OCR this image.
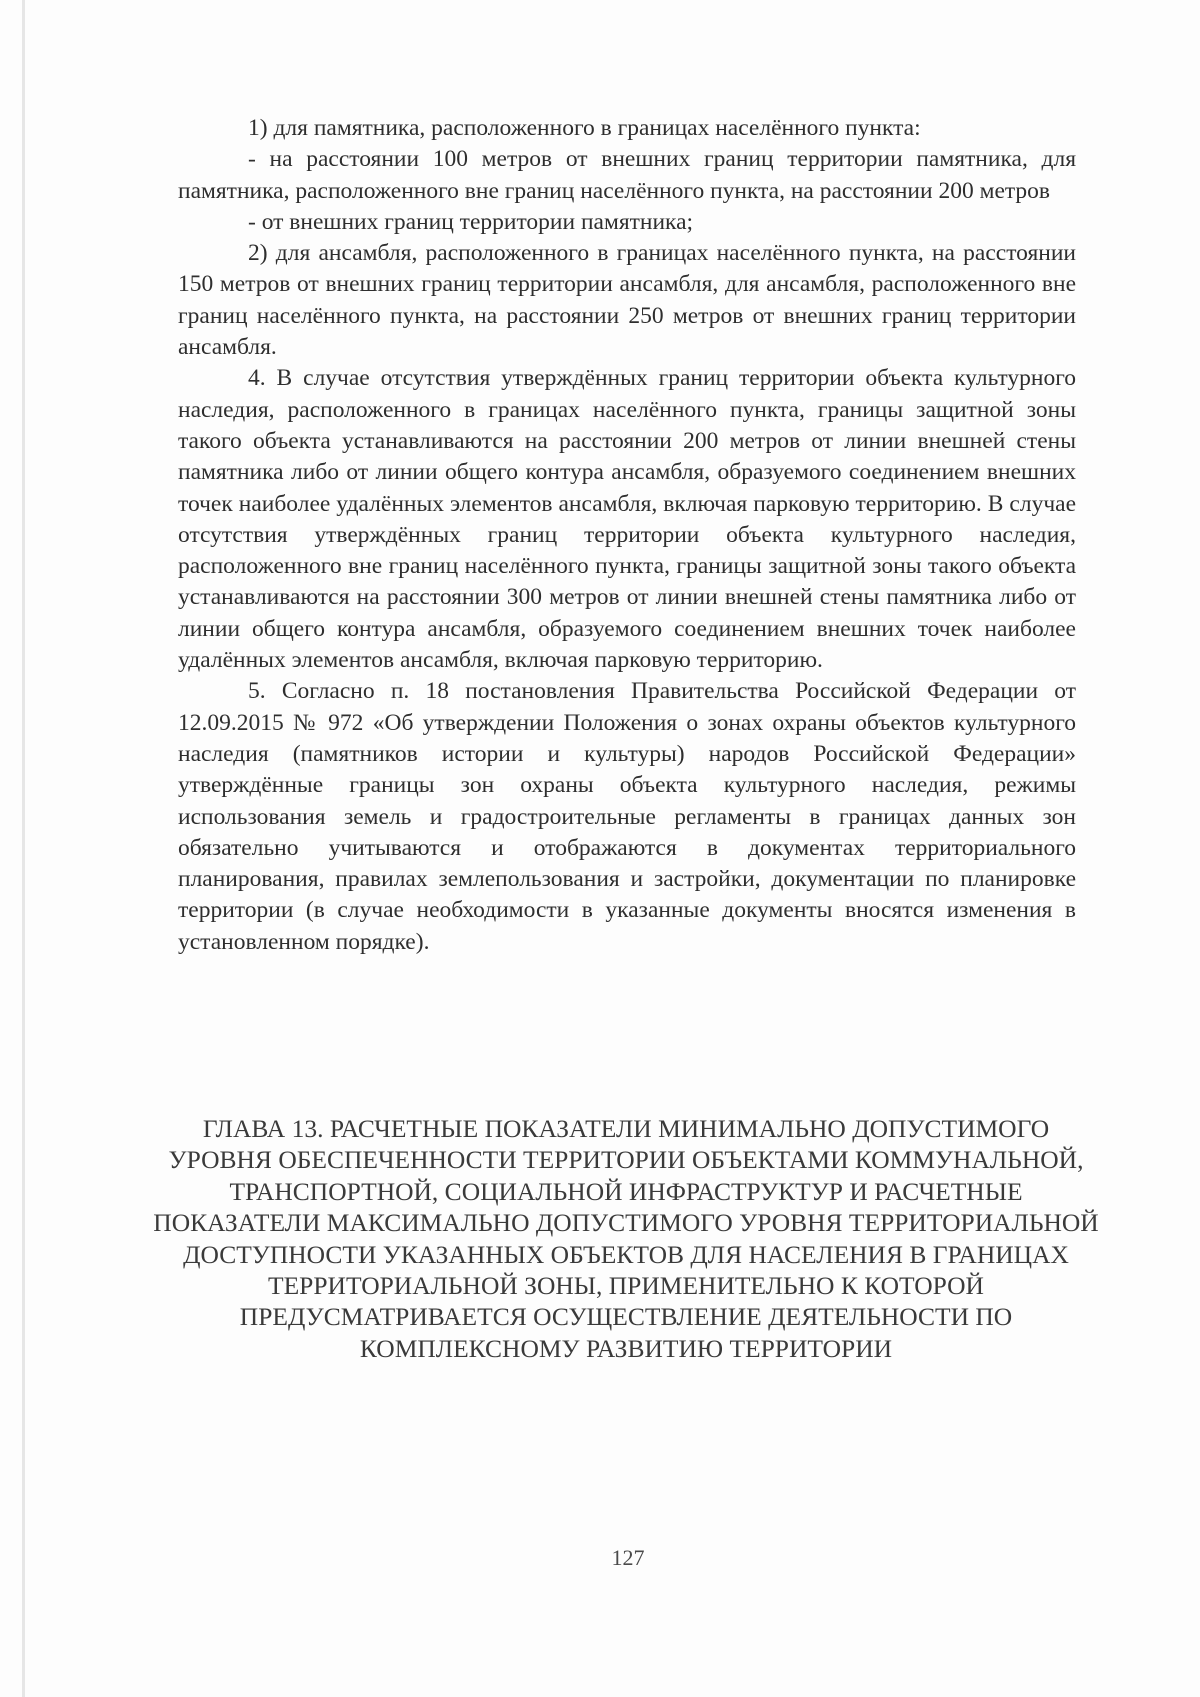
1) для памятника, расположенного в границах населённого пункта:

- на расстоянии 100 метров от внешних границ территории памятника, для памятника, расположенного вне границ населённого пункта, на расстоянии 200 метров

- от внешних границ территории памятника;

2) для ансамбля, расположенного в границах населённого пункта, на расстоянии 150 метров от внешних границ территории ансамбля, для ансамбля, расположенного вне границ населённого пункта, на расстоянии 250 метров от внешних границ территории ансамбля.

4. В случае отсутствия утверждённых границ территории объекта культурного наследия, расположенного в границах населённого пункта, границы защитной зоны такого объекта устанавливаются на расстоянии 200 метров от линии внешней стены памятника либо от линии общего контура ансамбля, образуемого соединением внешних точек наиболее удалённых элементов ансамбля, включая парковую территорию. В случае отсутствия утверждённых границ территории объекта культурного наследия, расположенного вне границ населённого пункта, границы защитной зоны такого объекта устанавливаются на расстоянии 300 метров от линии внешней стены памятника либо от линии общего контура ансамбля, образуемого соединением внешних точек наиболее удалённых элементов ансамбля, включая парковую территорию.

5. Согласно п. 18 постановления Правительства Российской Федерации от 12.09.2015 № 972 «Об утверждении Положения о зонах охраны объектов культурного наследия (памятников истории и культуры) народов Российской Федерации» утверждённые границы зон охраны объекта культурного наследия, режимы использования земель и градостроительные регламенты в границах данных зон обязательно учитываются и отображаются в документах территориального планирования, правилах землепользования и застройки, документации по планировке территории (в случае необходимости в указанные документы вносятся изменения в установленном порядке).

ГЛАВА 13. РАСЧЕТНЫЕ ПОКАЗАТЕЛИ МИНИМАЛЬНО ДОПУСТИМОГО УРОВНЯ ОБЕСПЕЧЕННОСТИ ТЕРРИТОРИИ ОБЪЕКТАМИ КОММУНАЛЬНОЙ, ТРАНСПОРТНОЙ, СОЦИАЛЬНОЙ ИНФРАСТРУКТУР И РАСЧЕТНЫЕ ПОКАЗАТЕЛИ МАКСИМАЛЬНО ДОПУСТИМОГО УРОВНЯ ТЕРРИТОРИАЛЬНОЙ ДОСТУПНОСТИ УКАЗАННЫХ ОБЪЕКТОВ ДЛЯ НАСЕЛЕНИЯ В ГРАНИЦАХ ТЕРРИТОРИАЛЬНОЙ ЗОНЫ, ПРИМЕНИТЕЛЬНО К КОТОРОЙ ПРЕДУСМАТРИВАЕТСЯ ОСУЩЕСТВЛЕНИЕ ДЕЯТЕЛЬНОСТИ ПО КОМПЛЕКСНОМУ РАЗВИТИЮ ТЕРРИТОРИИ
127
